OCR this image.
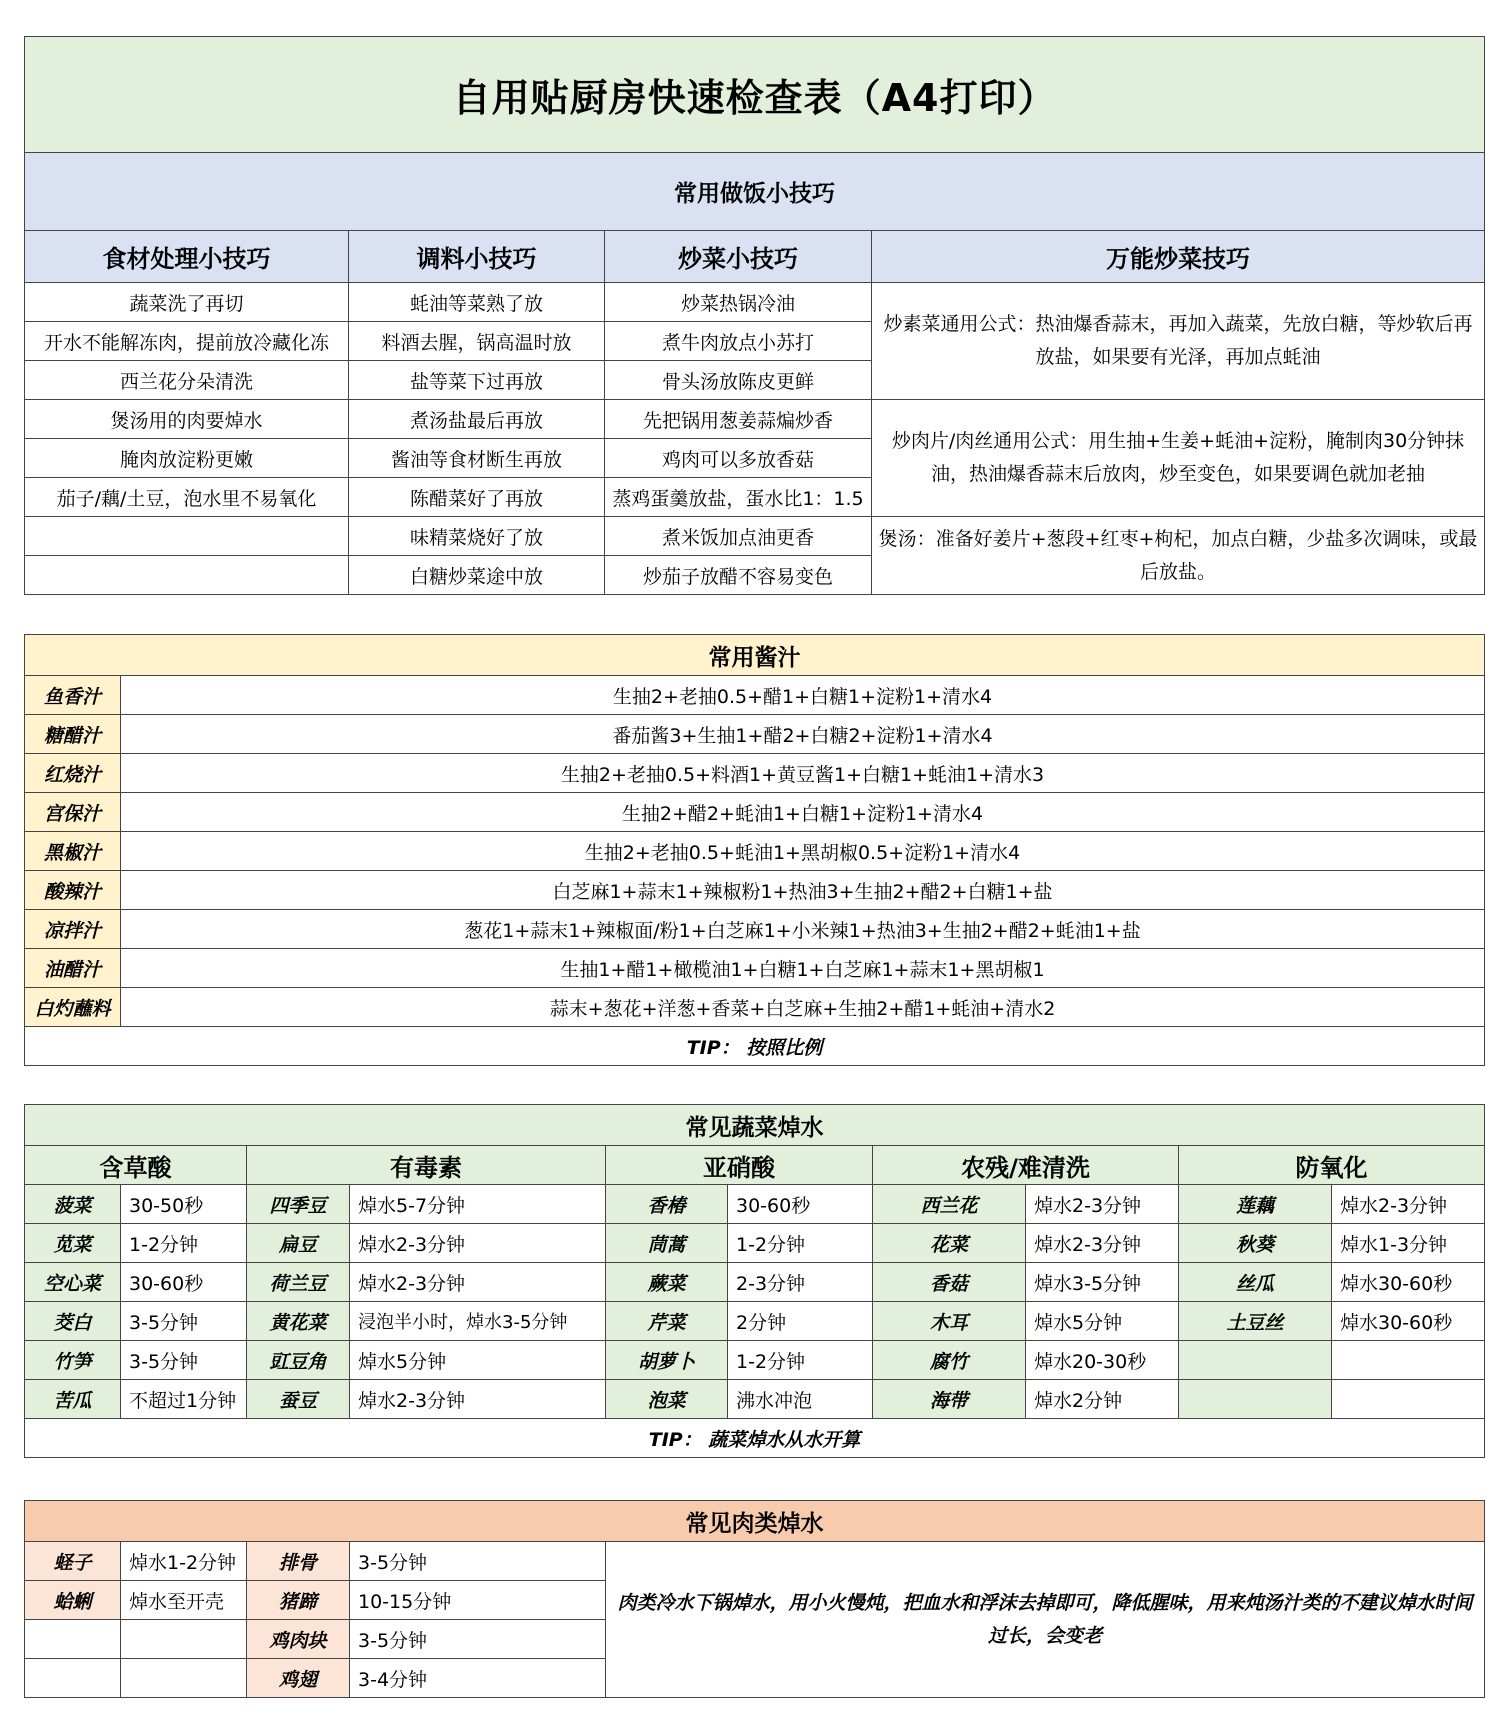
自用贴厨房快速检查表（A4打印）			
常用做饭小技巧			
食材处理小技巧	调料小技巧	炒菜小技巧	万能炒菜技巧
蔬菜洗了再切	蚝油等菜熟了放	炒菜热锅冷油	炒素菜通用公式：热油爆香蒜末，再加入蔬菜，先放白糖，等炒软后再放盐，如果要有光泽，再加点蚝油
开水不能解冻肉，提前放冷藏化冻	料酒去腥，锅高温时放	煮牛肉放点小苏打	
西兰花分朵清洗	盐等菜下过再放	骨头汤放陈皮更鲜	
煲汤用的肉要焯水	煮汤盐最后再放	先把锅用葱姜蒜煸炒香	炒肉片/肉丝通用公式：用生抽+生姜+蚝油+淀粉，腌制肉30分钟抹油，热油爆香蒜末后放肉，炒至变色，如果要调色就加老抽
腌肉放淀粉更嫩	酱油等食材断生再放	鸡肉可以多放香菇	
茄子/藕/土豆，泡水里不易氧化	陈醋菜好了再放	蒸鸡蛋羹放盐，蛋水比1：1.5	
	味精菜烧好了放	煮米饭加点油更香	煲汤：准备好姜片+葱段+红枣+枸杞，加点白糖，少盐多次调味，或最后放盐。
	白糖炒菜途中放	炒茄子放醋不容易变色	
常用酱汁	
鱼香汁	生抽2+老抽0.5+醋1+白糖1+淀粉1+清水4
糖醋汁	番茄酱3+生抽1+醋2+白糖2+淀粉1+清水4
红烧汁	生抽2+老抽0.5+料酒1+黄豆酱1+白糖1+蚝油1+清水3
宫保汁	生抽2+醋2+蚝油1+白糖1+淀粉1+清水4
黑椒汁	生抽2+老抽0.5+蚝油1+黑胡椒0.5+淀粉1+清水4
酸辣汁	白芝麻1+蒜末1+辣椒粉1+热油3+生抽2+醋2+白糖1+盐
凉拌汁	葱花1+蒜末1+辣椒面/粉1+白芝麻1+小米辣1+热油3+生抽2+醋2+蚝油1+盐
油醋汁	生抽1+醋1+橄榄油1+白糖1+白芝麻1+蒜末1+黑胡椒1
白灼蘸料	蒜末+葱花+洋葱+香菜+白芝麻+生抽2+醋1+蚝油+清水2
TIP： 按照比例	
常见蔬菜焯水									
含草酸		有毒素		亚硝酸		农残/难清洗		防氧化	
菠菜	30-50秒	四季豆	焯水5-7分钟	香椿	30-60秒	西兰花	焯水2-3分钟	莲藕	焯水2-3分钟
苋菜	1-2分钟	扁豆	焯水2-3分钟	茼蒿	1-2分钟	花菜	焯水2-3分钟	秋葵	焯水1-3分钟
空心菜	30-60秒	荷兰豆	焯水2-3分钟	蕨菜	2-3分钟	香菇	焯水3-5分钟	丝瓜	焯水30-60秒
茭白	3-5分钟	黄花菜	浸泡半小时，焯水3-5分钟	芹菜	2分钟	木耳	焯水5分钟	土豆丝	焯水30-60秒
竹笋	3-5分钟	豇豆角	焯水5分钟	胡萝卜	1-2分钟	腐竹	焯水20-30秒		
苦瓜	不超过1分钟	蚕豆	焯水2-3分钟	泡菜	沸水冲泡	海带	焯水2分钟		
TIP： 蔬菜焯水从水开算									
常见肉类焯水				
蛏子	焯水1-2分钟	排骨	3-5分钟	肉类冷水下锅焯水，用小火慢炖，把血水和浮沫去掉即可，降低腥味，用来炖汤汁类的不建议焯水时间过长，会变老
蛤蜊	焯水至开壳	猪蹄	10-15分钟	
		鸡肉块	3-5分钟	
		鸡翅	3-4分钟	
